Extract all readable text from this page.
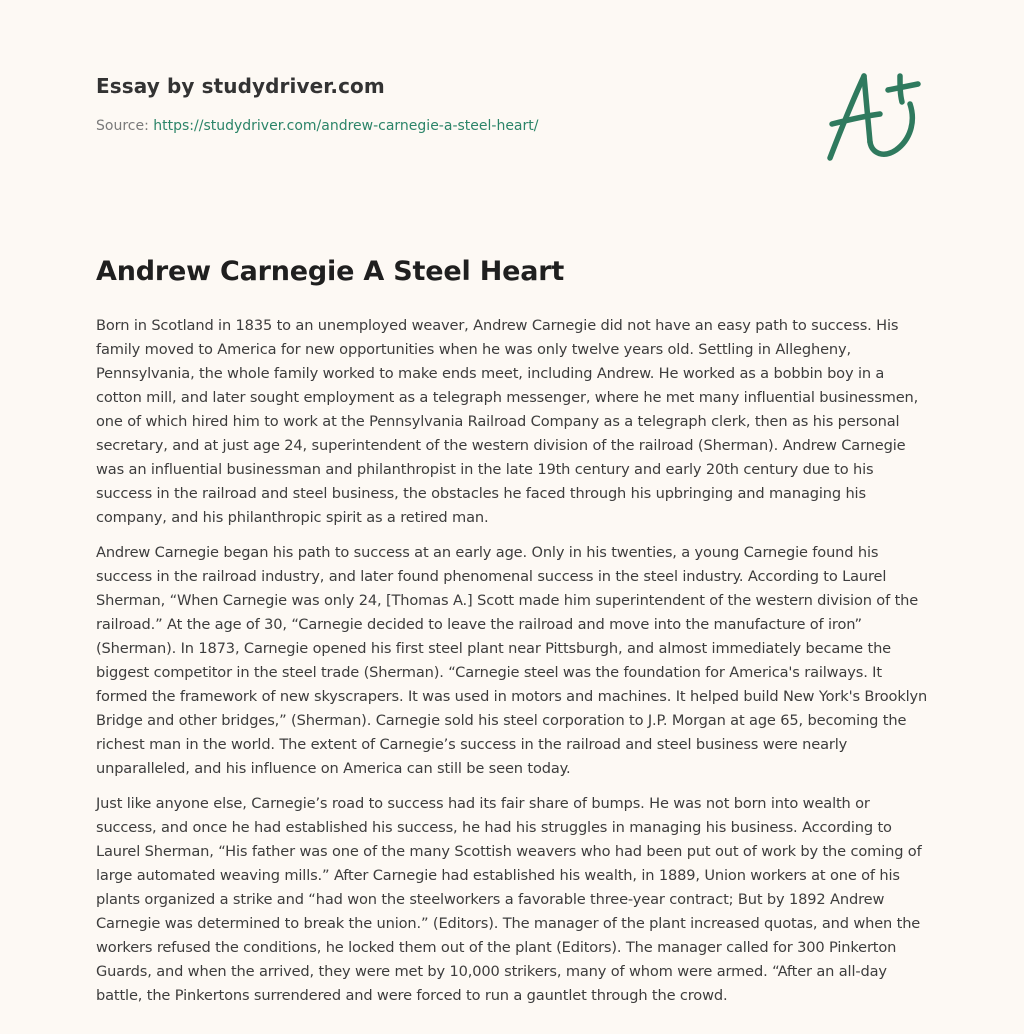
Essay by studydriver.com
Source: https://studydriver.com/andrew-carnegie-a-steel-heart/
Andrew Carnegie A Steel Heart

Born in Scotland in 1835 to an unemployed weaver, Andrew Carnegie did not have an easy path to success. His family moved to America for new opportunities when he was only twelve years old. Settling in Allegheny, Pennsylvania, the whole family worked to make ends meet, including Andrew. He worked as a bobbin boy in a cotton mill, and later sought employment as a telegraph messenger, where he met many influential businessmen, one of which hired him to work at the Pennsylvania Railroad Company as a telegraph clerk, then as his personal secretary, and at just age 24, superintendent of the western division of the railroad (Sherman). Andrew Carnegie was an influential businessman and philanthropist in the late 19th century and early 20th century due to his success in the railroad and steel business, the obstacles he faced through his upbringing and managing his company, and his philanthropic spirit as a retired man.

Andrew Carnegie began his path to success at an early age. Only in his twenties, a young Carnegie found his success in the railroad industry, and later found phenomenal success in the steel industry. According to Laurel Sherman, “When Carnegie was only 24, [Thomas A.] Scott made him superintendent of the western division of the railroad.” At the age of 30, “Carnegie decided to leave the railroad and move into the manufacture of iron” (Sherman). In 1873, Carnegie opened his first steel plant near Pittsburgh, and almost immediately became the biggest competitor in the steel trade (Sherman). “Carnegie steel was the foundation for America's railways. It formed the framework of new skyscrapers. It was used in motors and machines. It helped build New York's Brooklyn Bridge and other bridges,” (Sherman). Carnegie sold his steel corporation to J.P. Morgan at age 65, becoming the richest man in the world. The extent of Carnegie’s success in the railroad and steel business were nearly unparalleled, and his influence on America can still be seen today.

Just like anyone else, Carnegie’s road to success had its fair share of bumps. He was not born into wealth or success, and once he had established his success, he had his struggles in managing his business. According to Laurel Sherman, “His father was one of the many Scottish weavers who had been put out of work by the coming of large automated weaving mills.” After Carnegie had established his wealth, in 1889, Union workers at one of his plants organized a strike and “had won the steelworkers a favorable three-year contract; But by 1892 Andrew Carnegie was determined to break the union.” (Editors). The manager of the plant increased quotas, and when the workers refused the conditions, he locked them out of the plant (Editors). The manager called for 300 Pinkerton Guards, and when the arrived, they were met by 10,000 strikers, many of whom were armed. “After an all-day battle, the Pinkertons surrendered and were forced to run a gauntlet through the crowd.
